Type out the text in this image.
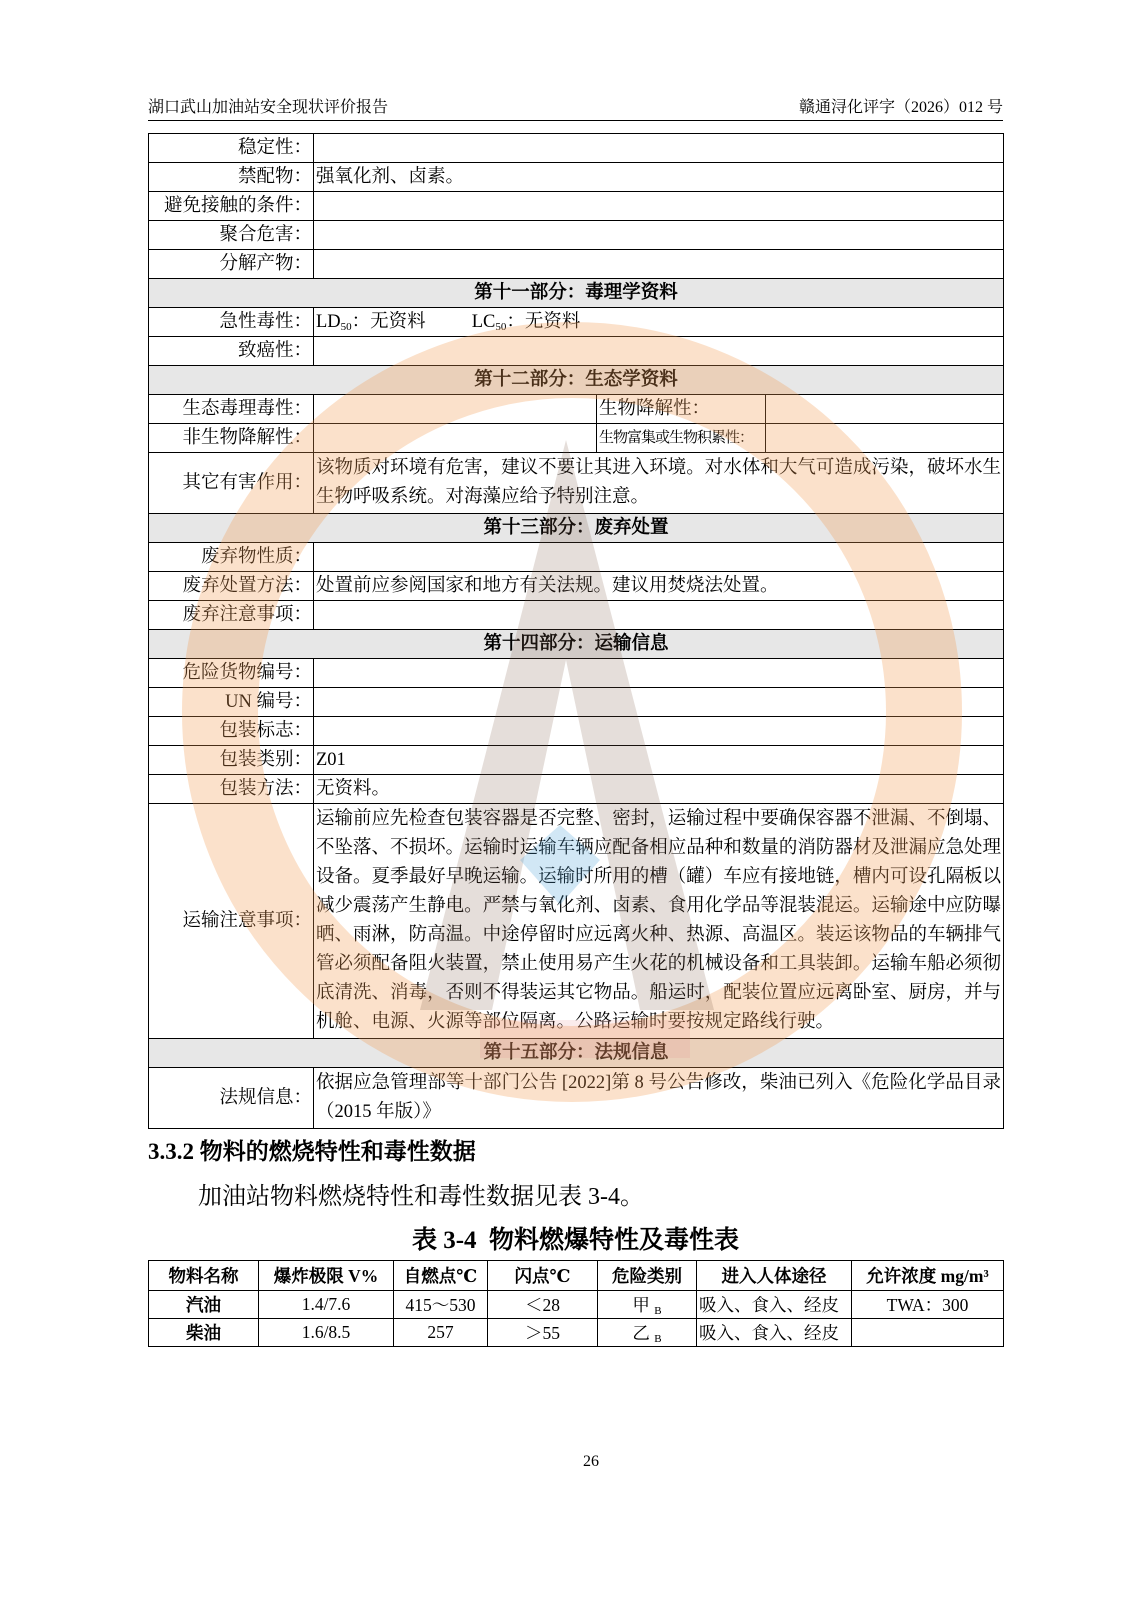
湖口武山加油站安全现状评价报告	赣通浔化评字（2026）012 号
稳定性：			
禁配物：	强氧化剂、卤素。		
避免接触的条件：			
聚合危害：			
分解产物：			
第十一部分：毒理学资料			
急性毒性：	$LD_{50}$：无资料 $LC_{50}$：无资料		
致癌性：			
第十二部分：生态学资料			
生态毒理毒性：		生物降解性：	
非生物降解性：		生物富集或生物积累性：	
其它有害作用：	该物质对环境有危害，建议不要让其进入环境。对水体和大气可造成污染，破坏水生生物呼吸系统。对海藻应给予特别注意。		
第十三部分：废弃处置			
废弃物性质：			
废弃处置方法：	处置前应参阅国家和地方有关法规。建议用焚烧法处置。		
废弃注意事项：			
第十四部分：运输信息			
危险货物编号：			
UN 编号：			
包装标志：			
包装类别：	Z01		
包装方法：	无资料。		
运输注意事项：	运输前应先检查包装容器是否完整、密封，运输过程中要确保容器不泄漏、不倒塌、不坠落、不损坏。运输时运输车辆应配备相应品种和数量的消防器材及泄漏应急处理设备。夏季最好早晚运输。运输时所用的槽（罐）车应有接地链，槽内可设孔隔板以减少震荡产生静电。严禁与氧化剂、卤素、食用化学品等混装混运。运输途中应防曝晒、雨淋，防高温。中途停留时应远离火种、热源、高温区。装运该物品的车辆排气管必须配备阻火装置，禁止使用易产生火花的机械设备和工具装卸。运输车船必须彻底清洗、消毒，否则不得装运其它物品。船运时，配装位置应远离卧室、厨房，并与机舱、电源、火源等部位隔离。公路运输时要按规定路线行驶。		
第十五部分：法规信息			
法规信息：	依据应急管理部等十部门公告 [2022]第 8 号公告修改，柴油已列入《危险化学品目录（2015 年版）》		
3.3.2 物料的燃烧特性和毒性数据
加油站物料燃烧特性和毒性数据见表 3-4。
表 3-4  物料燃爆特性及毒性表
物料名称	爆炸极限 V%	自燃点℃	闪点℃	危险类别	进入人体途径	允许浓度 mg/m³
汽油	1.4/7.6	415～530	＜28	甲 $_B$	吸入、食入、经皮	TWA：300
柴油	1.6/8.5	257	＞55	乙 $_B$	吸入、食入、经皮	
26
